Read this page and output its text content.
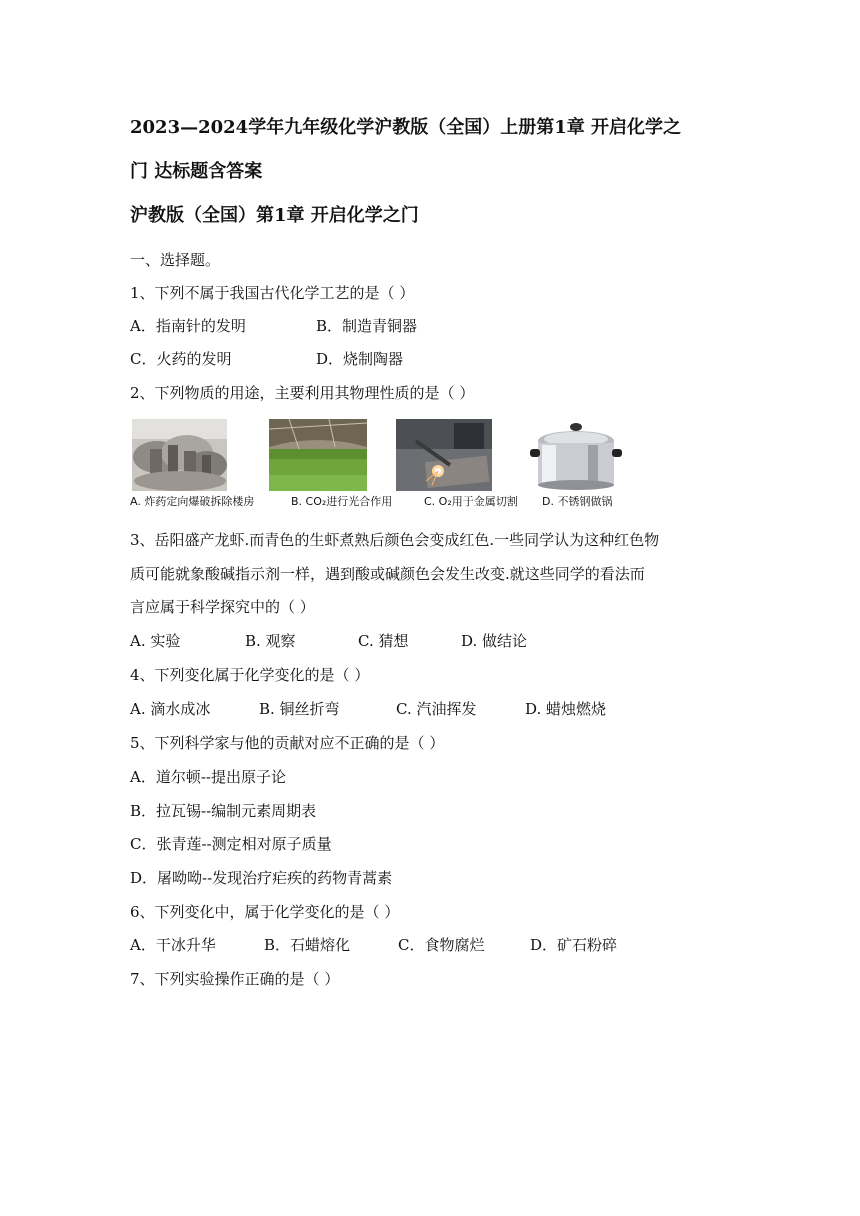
2023—2024学年九年级化学沪教版（全国）上册第1章 开启化学之
门 达标题含答案
沪教版（全国）第1章 开启化学之门
一、选择题。
1、下列不属于我国古代化学工艺的是（ ）
A．指南针的发明	B．制造青铜器
C．火药的发明	D．烧制陶器
2、下列物质的用途，主要利用其物理性质的是（ ）
A. 炸药定向爆破拆除楼房	B. CO₂进行光合作用	C. O₂用于金属切割 D. 不锈钢做锅
3、岳阳盛产龙虾.而青色的生虾煮熟后颜色会变成红色.一些同学认为这种红色物
质可能就象酸碱指示剂一样，遇到酸或碱颜色会发生改变.就这些同学的看法而
言应属于科学探究中的（ ）
A. 实验	B. 观察	C. 猜想	D. 做结论
4、下列变化属于化学变化的是（ ）
A. 滴水成冰	B. 铜丝折弯	C. 汽油挥发	D. 蜡烛燃烧
5、下列科学家与他的贡献对应不正确的是（ ）
A．道尔顿--提出原子论
B．拉瓦锡--编制元素周期表
C．张青莲--测定相对原子质量
D．屠呦呦--发现治疗疟疾的药物青蒿素
6、下列变化中，属于化学变化的是（ ）
A．干冰升华	B．石蜡熔化	C．食物腐烂	D．矿石粉碎
7、下列实验操作正确的是（ ）
